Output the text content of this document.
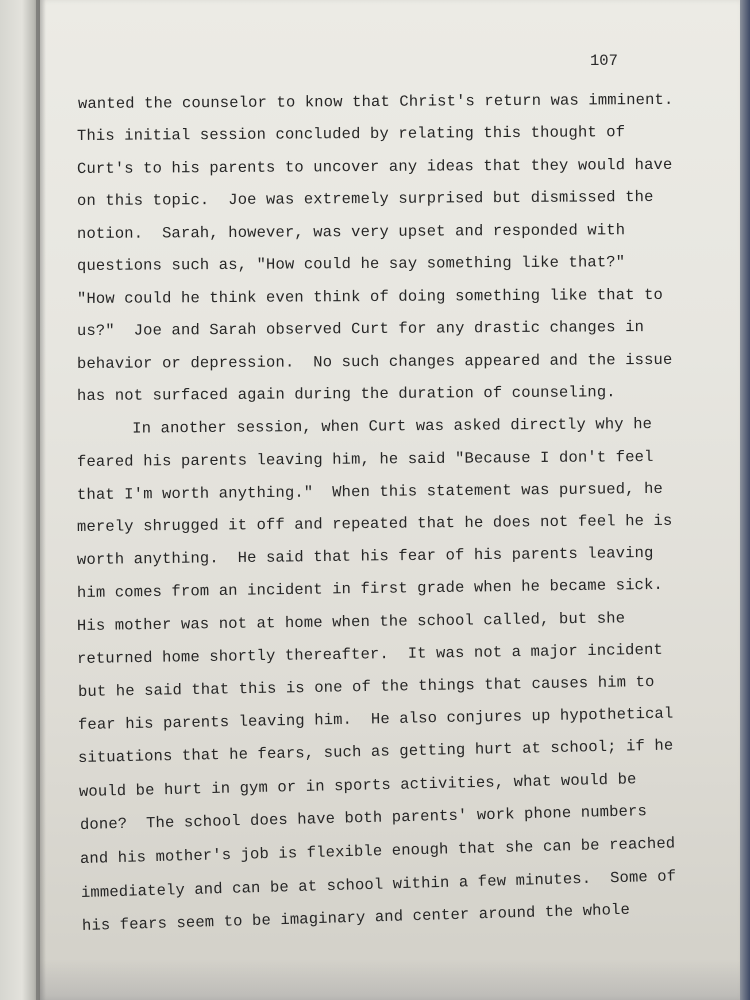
107
wanted the counselor to know that Christ's return was imminent.
This initial session concluded by relating this thought of
Curt's to his parents to uncover any ideas that they would have
on this topic.  Joe was extremely surprised but dismissed the
notion.  Sarah, however, was very upset and responded with
questions such as, "How could he say something like that?"
"How could he think even think of doing something like that to
us?"  Joe and Sarah observed Curt for any drastic changes in
behavior or depression.  No such changes appeared and the issue
has not surfaced again during the duration of counseling.
In another session, when Curt was asked directly why he
feared his parents leaving him, he said "Because I don't feel
that I'm worth anything."  When this statement was pursued, he
merely shrugged it off and repeated that he does not feel he is
worth anything.  He said that his fear of his parents leaving
him comes from an incident in first grade when he became sick.
His mother was not at home when the school called, but she
returned home shortly thereafter.  It was not a major incident
but he said that this is one of the things that causes him to
fear his parents leaving him.  He also conjures up hypothetical
situations that he fears, such as getting hurt at school; if he
would be hurt in gym or in sports activities, what would be
done?  The school does have both parents' work phone numbers
and his mother's job is flexible enough that she can be reached
immediately and can be at school within a few minutes.  Some of
his fears seem to be imaginary and center around the whole
